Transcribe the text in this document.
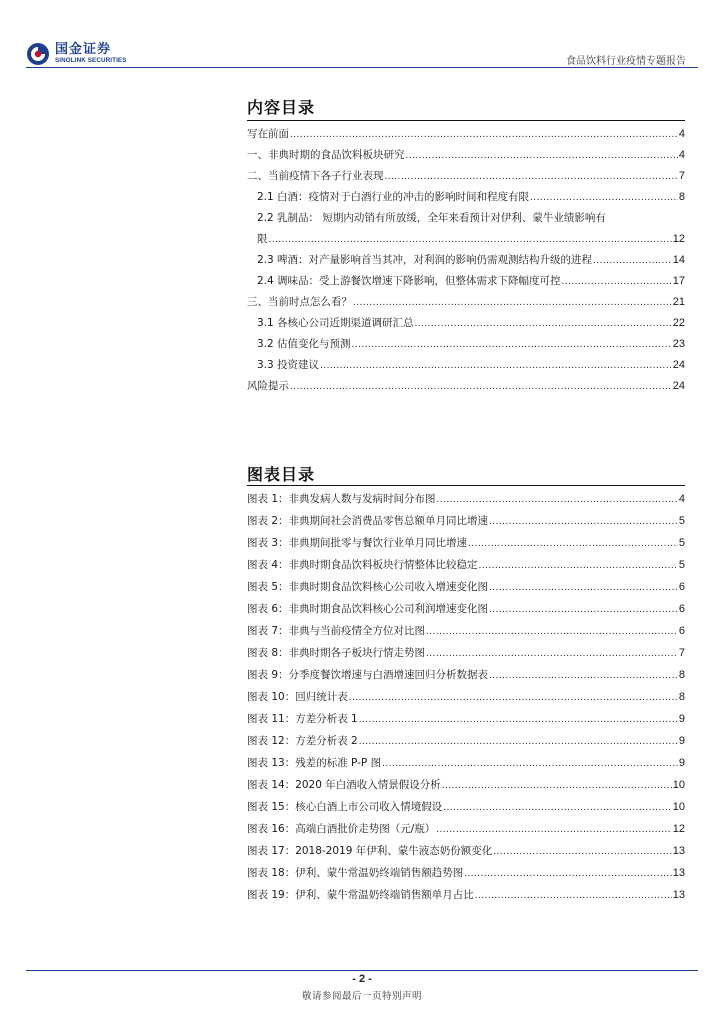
国金证券
SINOLINK SECURITIES	食品饮料行业疫情专题报告
内容目录
写在前面 .....	4
一、非典时期的食品饮料板块研究 .....	4
二、当前疫情下各子行业表现 .....	7
2.1 白酒：疫情对于白酒行业的冲击的影响时间和程度有限 .....	8
2.2 乳制品： 短期内动销有所放缓，全年来看预计对伊利、蒙牛业绩影响有
限 .....	12
2.3 啤酒：对产量影响首当其冲，对利润的影响仍需观测结构升级的进程 .....	14
2.4 调味品：受上游餐饮增速下降影响，但整体需求下降幅度可控 .....	17
三、当前时点怎么看？ .....	21
3.1 各核心公司近期渠道调研汇总 .....	22
3.2 估值变化与预测 .....	23
3.3 投资建议 .....	24
风险提示 .....	24
图表目录
图表 1：非典发病人数与发病时间分布图 .....	4
图表 2：非典期间社会消费品零售总额单月同比增速 .....	5
图表 3：非典期间批零与餐饮行业单月同比增速 .....	5
图表 4：非典时期食品饮料板块行情整体比较稳定 .....	5
图表 5：非典时期食品饮料核心公司收入增速变化图 .....	6
图表 6：非典时期食品饮料核心公司利润增速变化图 .....	6
图表 7：非典与当前疫情全方位对比图 .....	6
图表 8：非典时期各子板块行情走势图 .....	7
图表 9：分季度餐饮增速与白酒增速回归分析数据表 .....	8
图表 10：回归统计表 .....	8
图表 11：方差分析表 1 .....	9
图表 12：方差分析表 2 .....	9
图表 13：残差的标准 P-P 图 .....	9
图表 14：2020 年白酒收入情景假设分析 .....	10
图表 15：核心白酒上市公司收入情境假设 .....	10
图表 16：高端白酒批价走势图（元/瓶） .....	12
图表 17：2018-2019 年伊利、蒙牛液态奶份额变化 .....	13
图表 18：伊利、蒙牛常温奶终端销售额趋势图 .....	13
图表 19：伊利、蒙牛常温奶终端销售额单月占比 .....	13
- 2 -
敬请参阅最后一页特别声明
